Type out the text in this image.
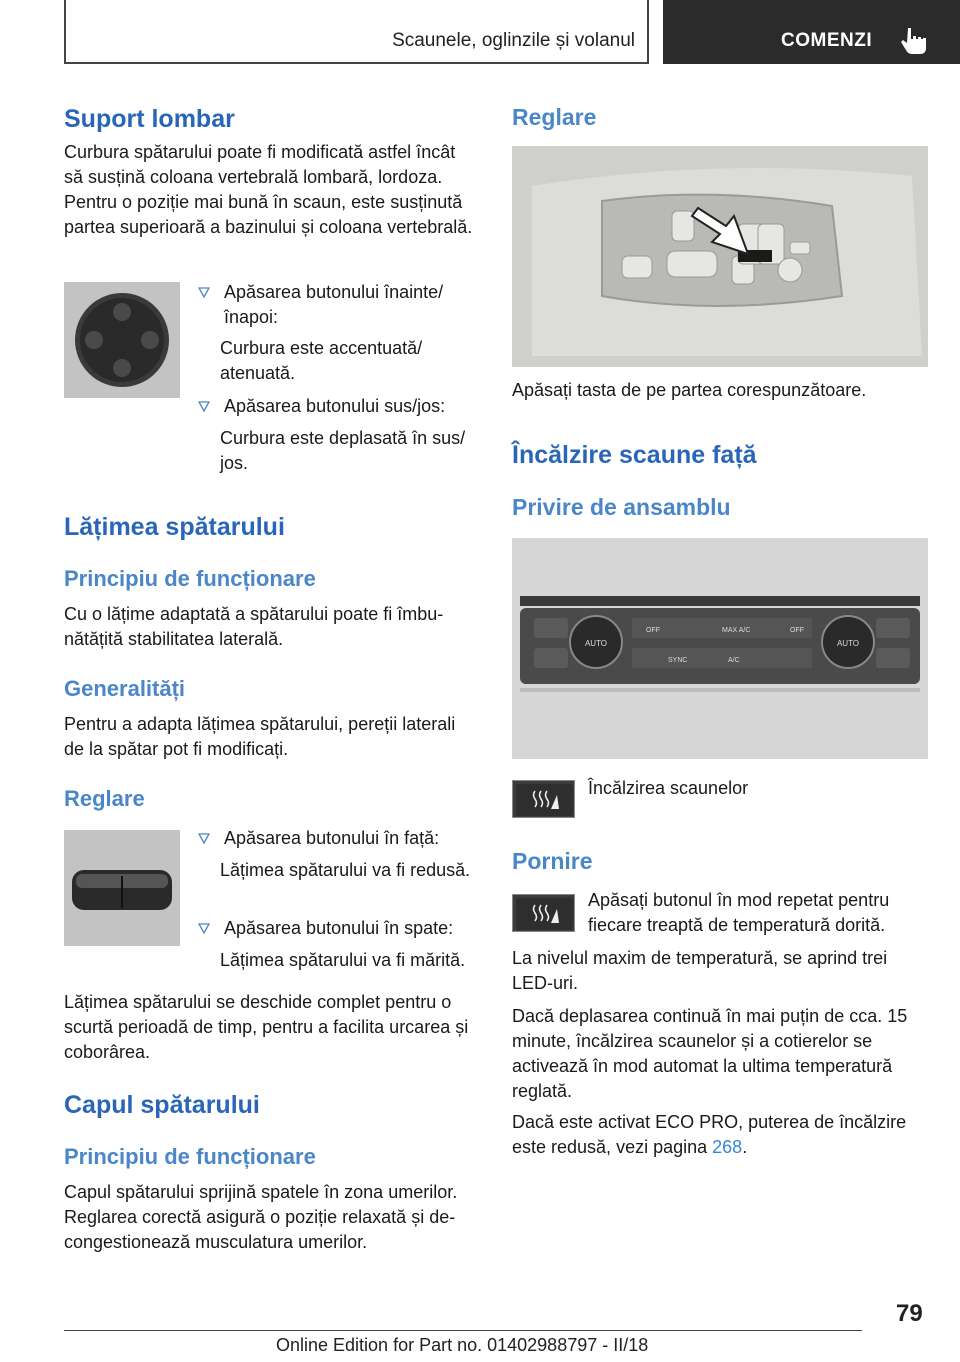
Scaunele, oglinzile și volanul	COMENZI
Suport lombar

Curbura spătarului poate fi modificată astfel încât să susțină coloana vertebrală lombară, lordoza. Pentru o poziție mai bună în scaun, este susținută partea superioară a bazinului și coloana vertebrală.

Apăsarea butonului înainte/ înapoi:

Curbura este accentuată/ atenuată.

Apăsarea butonului sus/jos:

Curbura este deplasată în sus/ jos.

Lățimea spătarului
Principiu de funcționare

Cu o lățime adaptată a spătarului poate fi îmbunătățită stabilitatea laterală.

Generalități

Pentru a adapta lățimea spătarului, pereții laterali de la spătar pot fi modificați.

Reglare
Apăsarea butonului în față:

Lățimea spătarului va fi redusă.

Apăsarea butonului în spate:

Lățimea spătarului va fi mărită.

Lățimea spătarului se deschide complet pentru o scurtă perioadă de timp, pentru a facilita urcarea și coborârea.

Capul spătarului
Principiu de funcționare

Capul spătarului sprijină spatele în zona umerilor. Reglarea corectă asigură o poziție relaxată și decongestionează musculatura umerilor.

Reglare

Apăsați tasta de pe partea corespunzătoare.

Încălzire scaune față
Privire de ansamblu
AUTO
OFF	MAX A/C	OFF
AUTO
SYNC	A/C

Încălzirea scaunelor

Pornire

Apăsați butonul în mod repetat pentru fiecare treaptă de temperatură dorită.

La nivelul maxim de temperatură, se aprind trei LED-uri.

Dacă deplasarea continuă în mai puțin de cca. 15 minute, încălzirea scaunelor și a cotierelor se activează în mod automat la ultima temperatură reglată.

Dacă este activat ECO PRO, puterea de încălzire este redusă, vezi pagina 268.

79
Online Edition for Part no. 01402988797 - II/18
